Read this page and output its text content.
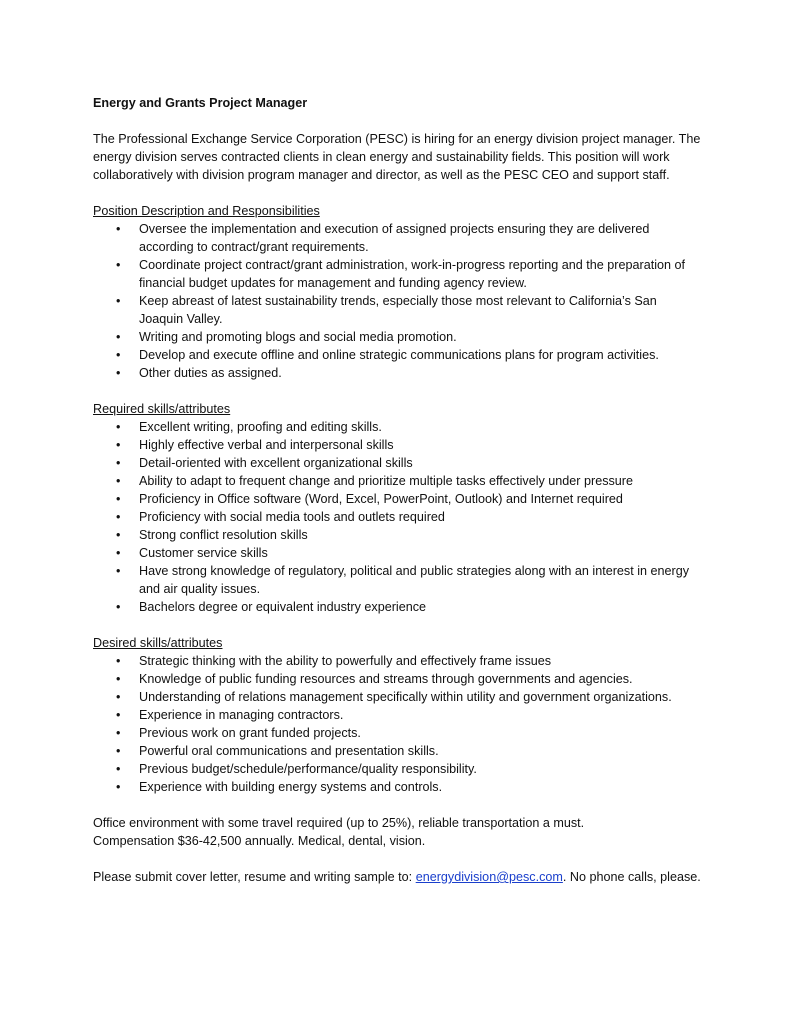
Energy and Grants Project Manager

The Professional Exchange Service Corporation (PESC) is hiring for an energy division project manager. The energy division serves contracted clients in clean energy and sustainability fields. This position will work collaboratively with division program manager and director, as well as the PESC CEO and support staff.

Position Description and Responsibilities

• Oversee the implementation and execution of assigned projects ensuring they are delivered according to contract/grant requirements.
• Coordinate project contract/grant administration, work-in-progress reporting and the preparation of financial budget updates for management and funding agency review.
• Keep abreast of latest sustainability trends, especially those most relevant to California’s San Joaquin Valley.
• Writing and promoting blogs and social media promotion.
• Develop and execute offline and online strategic communications plans for program activities.
• Other duties as assigned.

Required skills/attributes

• Excellent writing, proofing and editing skills.
• Highly effective verbal and interpersonal skills
• Detail-oriented with excellent organizational skills
• Ability to adapt to frequent change and prioritize multiple tasks effectively under pressure
• Proficiency in Office software (Word, Excel, PowerPoint, Outlook) and Internet required
• Proficiency with social media tools and outlets required
• Strong conflict resolution skills
• Customer service skills
• Have strong knowledge of regulatory, political and public strategies along with an interest in energy and air quality issues.
• Bachelors degree or equivalent industry experience

Desired skills/attributes

• Strategic thinking with the ability to powerfully and effectively frame issues
• Knowledge of public funding resources and streams through governments and agencies.
• Understanding of relations management specifically within utility and government organizations.
• Experience in managing contractors.
• Previous work on grant funded projects.
• Powerful oral communications and presentation skills.
• Previous budget/schedule/performance/quality responsibility.
• Experience with building energy systems and controls.

Office environment with some travel required (up to 25%), reliable transportation a must.
Compensation $36-42,500 annually. Medical, dental, vision.

Please submit cover letter, resume and writing sample to: energydivision@pesc.com. No phone calls, please.
